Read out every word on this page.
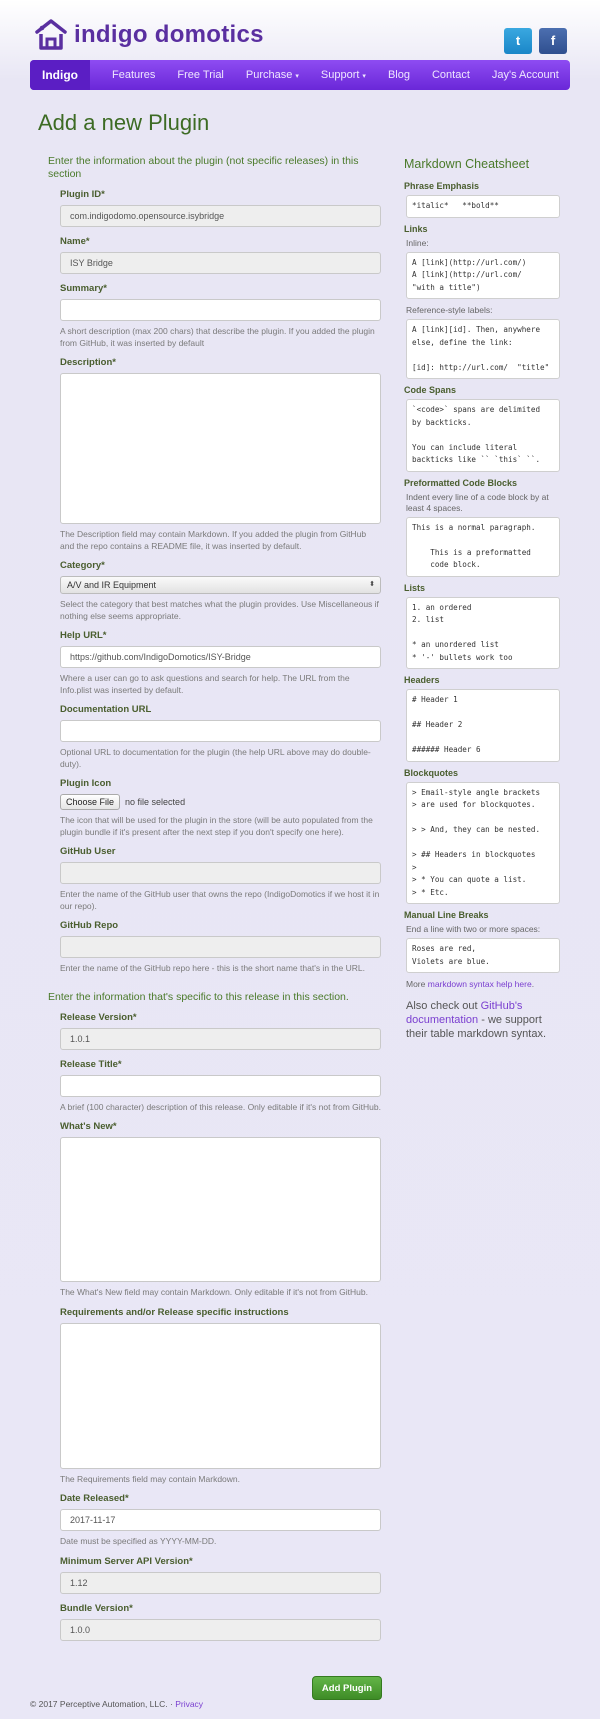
indigo domotics	t	f
Indigo	Features	Free Trial	Purchase ▾	Support ▾	Blog	Contact	Jay's Account
Add a new Plugin
Enter the information about the plugin (not specific releases) in this section
Plugin ID*
com.indigodomo.opensource.isybridge
Name*
ISY Bridge
Summary*
A short description (max 200 chars) that describe the plugin. If you added the plugin from GitHub, it was inserted by default
Description*
The Description field may contain Markdown. If you added the plugin from GitHub and the repo contains a README file, it was inserted by default.
Category*
A/V and IR Equipment	⬍
Select the category that best matches what the plugin provides. Use Miscellaneous if nothing else seems appropriate.
Help URL*
https://github.com/IndigoDomotics/ISY-Bridge
Where a user can go to ask questions and search for help. The URL from the Info.plist was inserted by default.
Documentation URL
Optional URL to documentation for the plugin (the help URL above may do double-duty).
Plugin Icon
Choose File	no file selected
The icon that will be used for the plugin in the store (will be auto populated from the plugin bundle if it's present after the next step if you don't specify one here).
GitHub User
Enter the name of the GitHub user that owns the repo (IndigoDomotics if we host it in our repo).
GitHub Repo
Enter the name of the GitHub repo here - this is the short name that's in the URL.
Enter the information that's specific to this release in this section.
Release Version*
1.0.1
Release Title*
A brief (100 character) description of this release. Only editable if it's not from GitHub.
What's New*
The What's New field may contain Markdown. Only editable if it's not from GitHub.
Requirements and/or Release specific instructions
The Requirements field may contain Markdown.
Date Released*
2017-11-17
Date must be specified as YYYY-MM-DD.
Minimum Server API Version*
1.12
Bundle Version*
1.0.0
Add Plugin
© 2017 Perceptive Automation, LLC. · Privacy
Markdown Cheatsheet
Phrase Emphasis
*italic*   **bold**
Links
Inline:
A [link](http://url.com/)
A [link](http://url.com/
"with a title")
Reference-style labels:
A [link][id]. Then, anywhere
else, define the link:

[id]: http://url.com/  "title"
Code Spans
`<code>` spans are delimited
by backticks.

You can include literal
backticks like `` `this` ``.
Preformatted Code Blocks
Indent every line of a code block by at least 4 spaces.
This is a normal paragraph.

This is a preformatted
code block.
Lists
1. an ordered
2. list

* an unordered list
* '-' bullets work too
Headers
# Header 1

## Header 2

###### Header 6
Blockquotes
> Email-style angle brackets
> are used for blockquotes.

> > And, they can be nested.

> ## Headers in blockquotes
>
> * You can quote a list.
> * Etc.
Manual Line Breaks
End a line with two or more spaces:
Roses are red,
Violets are blue.
More markdown syntax help here.
Also check out GitHub's documentation - we support their table markdown syntax.
